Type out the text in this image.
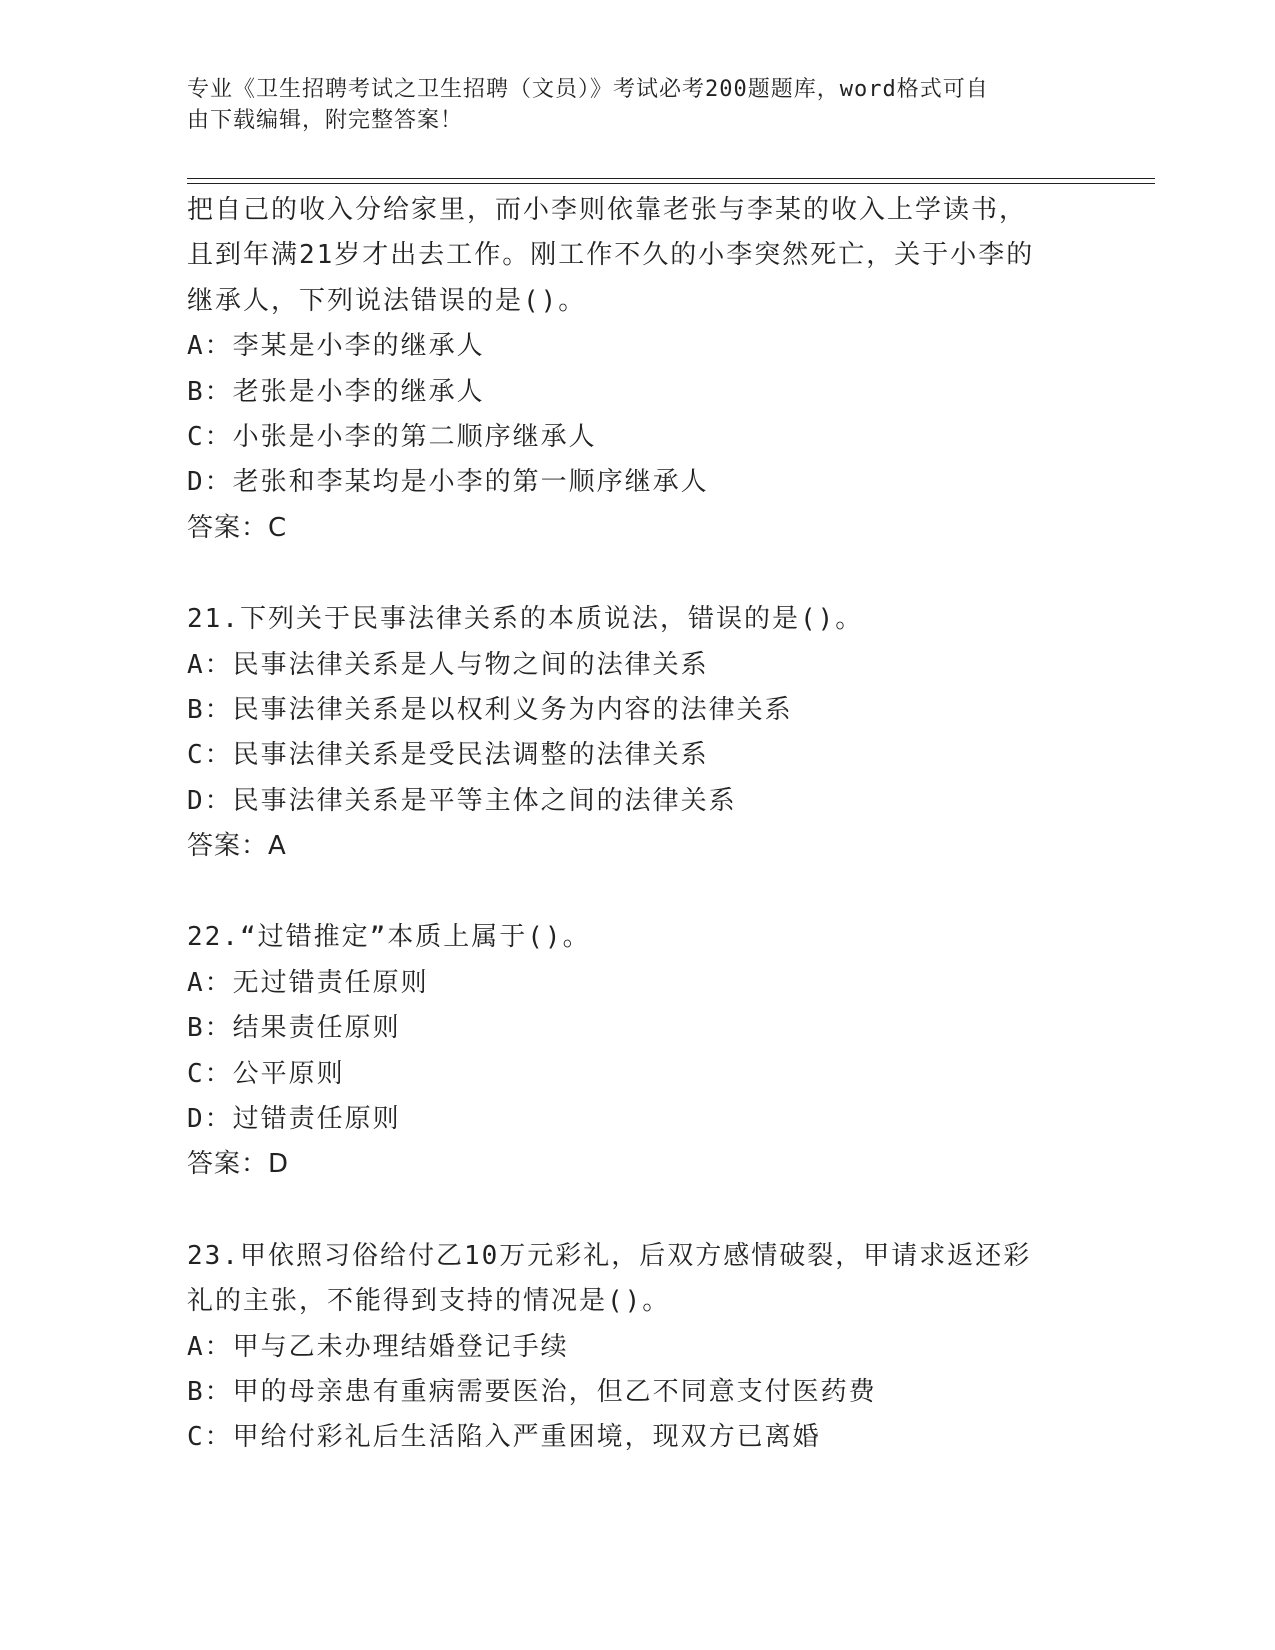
专业《卫生招聘考试之卫生招聘（文员）》考试必考200题题库，word格式可自
由下载编辑，附完整答案！
把自己的收入分给家里，而小李则依靠老张与李某的收入上学读书，
且到年满21岁才出去工作。刚工作不久的小李突然死亡，关于小李的
继承人，下列说法错误的是()。
A：李某是小李的继承人
B：老张是小李的继承人
C：小张是小李的第二顺序继承人
D：老张和李某均是小李的第一顺序继承人
答案：C
21.下列关于民事法律关系的本质说法，错误的是()。
A：民事法律关系是人与物之间的法律关系
B：民事法律关系是以权利义务为内容的法律关系
C：民事法律关系是受民法调整的法律关系
D：民事法律关系是平等主体之间的法律关系
答案：A
22.“过错推定”本质上属于()。
A：无过错责任原则
B：结果责任原则
C：公平原则
D：过错责任原则
答案：D
23.甲依照习俗给付乙10万元彩礼，后双方感情破裂，甲请求返还彩
礼的主张，不能得到支持的情况是()。
A：甲与乙未办理结婚登记手续
B：甲的母亲患有重病需要医治，但乙不同意支付医药费
C：甲给付彩礼后生活陷入严重困境，现双方已离婚
